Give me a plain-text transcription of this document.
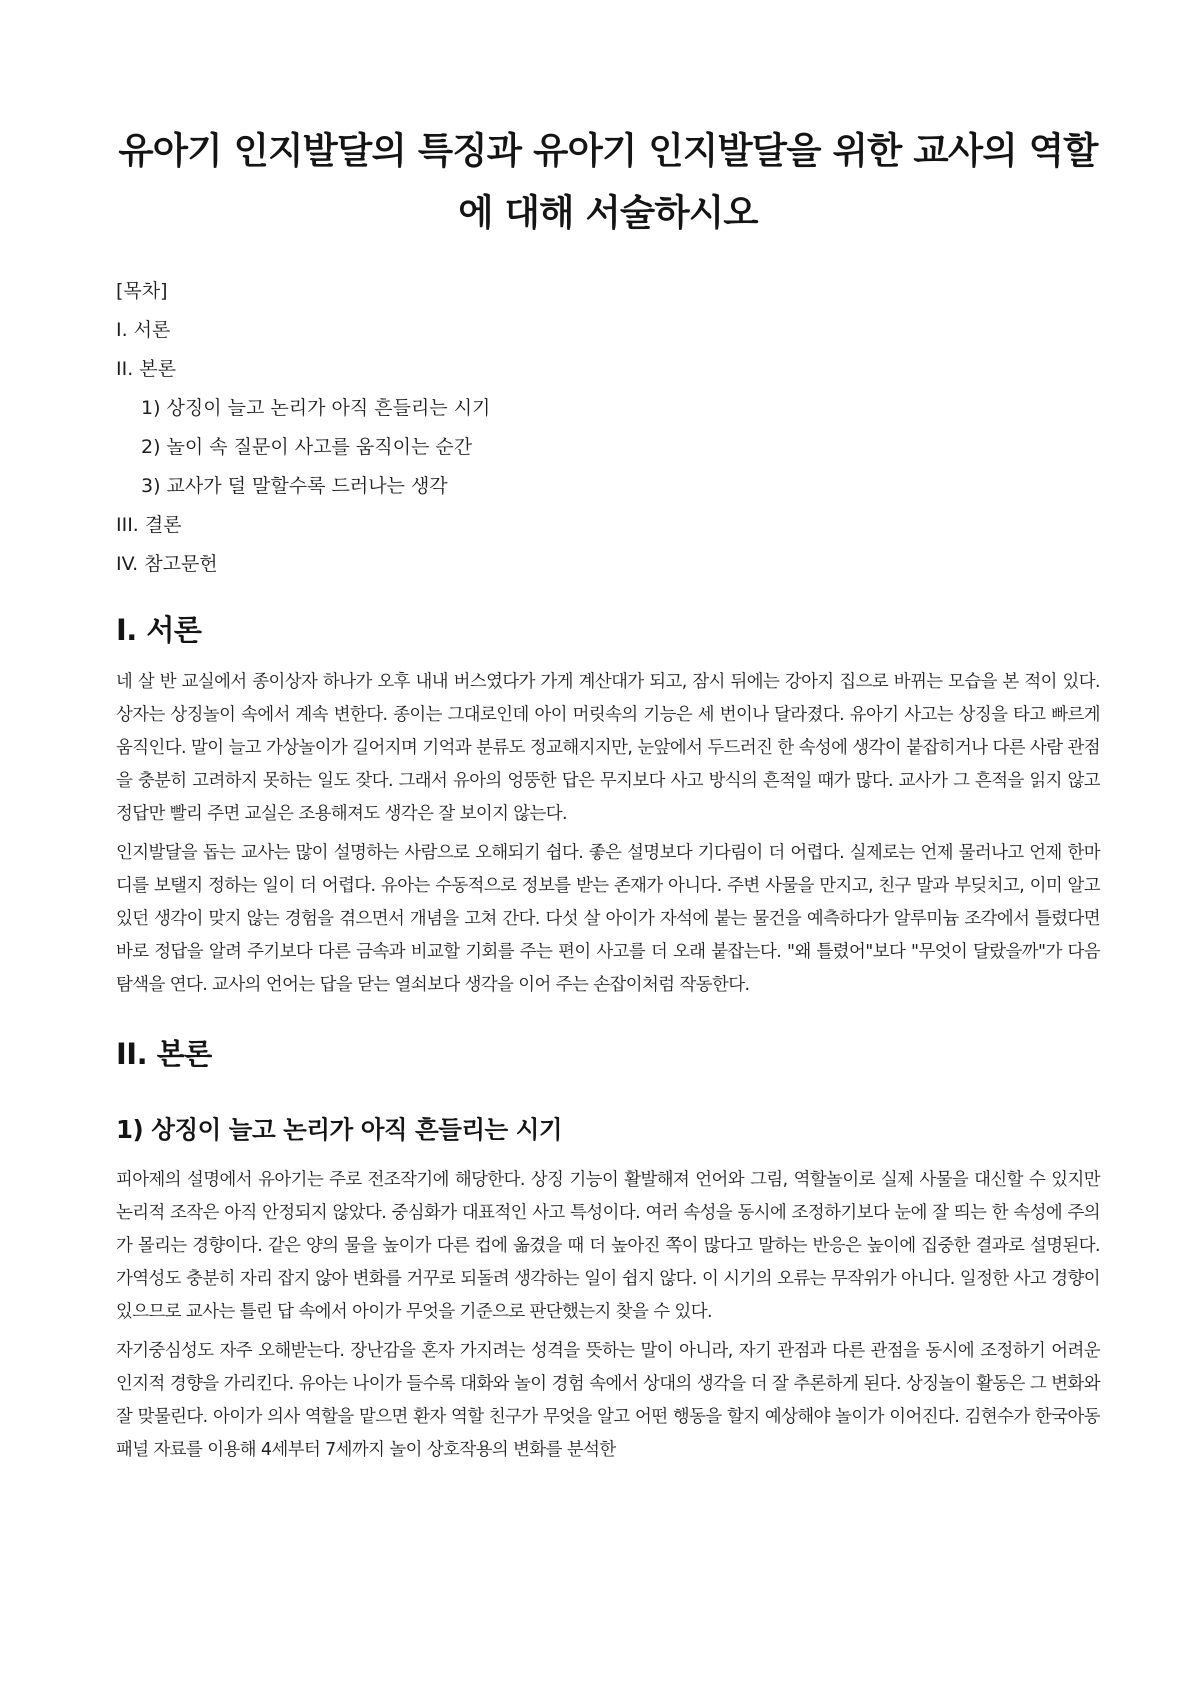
유아기 인지발달의 특징과 유아기 인지발달을 위한 교사의 역할에 대해 서술하시오
[목차]
I. 서론
II. 본론
1) 상징이 늘고 논리가 아직 흔들리는 시기
2) 놀이 속 질문이 사고를 움직이는 순간
3) 교사가 덜 말할수록 드러나는 생각
III. 결론
IV. 참고문헌
I. 서론

네 살 반 교실에서 종이상자 하나가 오후 내내 버스였다가 가게 계산대가 되고, 잠시 뒤에는 강아지 집으로 바뀌는 모습을 본 적이 있다. 상자는 상징놀이 속에서 계속 변한다. 종이는 그대로인데 아이 머릿속의 기능은 세 번이나 달라졌다. 유아기 사고는 상징을 타고 빠르게 움직인다. 말이 늘고 가상놀이가 길어지며 기억과 분류도 정교해지지만, 눈앞에서 두드러진 한 속성에 생각이 붙잡히거나 다른 사람 관점을 충분히 고려하지 못하는 일도 잦다. 그래서 유아의 엉뚱한 답은 무지보다 사고 방식의 흔적일 때가 많다. 교사가 그 흔적을 읽지 않고 정답만 빨리 주면 교실은 조용해져도 생각은 잘 보이지 않는다.

인지발달을 돕는 교사는 많이 설명하는 사람으로 오해되기 쉽다. 좋은 설명보다 기다림이 더 어렵다. 실제로는 언제 물러나고 언제 한마디를 보탤지 정하는 일이 더 어렵다. 유아는 수동적으로 정보를 받는 존재가 아니다. 주변 사물을 만지고, 친구 말과 부딪치고, 이미 알고 있던 생각이 맞지 않는 경험을 겪으면서 개념을 고쳐 간다. 다섯 살 아이가 자석에 붙는 물건을 예측하다가 알루미늄 조각에서 틀렸다면 바로 정답을 알려 주기보다 다른 금속과 비교할 기회를 주는 편이 사고를 더 오래 붙잡는다. "왜 틀렸어"보다 "무엇이 달랐을까"가 다음 탐색을 연다. 교사의 언어는 답을 닫는 열쇠보다 생각을 이어 주는 손잡이처럼 작동한다.

II. 본론
1) 상징이 늘고 논리가 아직 흔들리는 시기

피아제의 설명에서 유아기는 주로 전조작기에 해당한다. 상징 기능이 활발해져 언어와 그림, 역할놀이로 실제 사물을 대신할 수 있지만 논리적 조작은 아직 안정되지 않았다. 중심화가 대표적인 사고 특성이다. 여러 속성을 동시에 조정하기보다 눈에 잘 띄는 한 속성에 주의가 몰리는 경향이다. 같은 양의 물을 높이가 다른 컵에 옮겼을 때 더 높아진 쪽이 많다고 말하는 반응은 높이에 집중한 결과로 설명된다. 가역성도 충분히 자리 잡지 않아 변화를 거꾸로 되돌려 생각하는 일이 쉽지 않다. 이 시기의 오류는 무작위가 아니다. 일정한 사고 경향이 있으므로 교사는 틀린 답 속에서 아이가 무엇을 기준으로 판단했는지 찾을 수 있다.

자기중심성도 자주 오해받는다. 장난감을 혼자 가지려는 성격을 뜻하는 말이 아니라, 자기 관점과 다른 관점을 동시에 조정하기 어려운 인지적 경향을 가리킨다. 유아는 나이가 들수록 대화와 놀이 경험 속에서 상대의 생각을 더 잘 추론하게 된다. 상징놀이 활동은 그 변화와 잘 맞물린다. 아이가 의사 역할을 맡으면 환자 역할 친구가 무엇을 알고 어떤 행동을 할지 예상해야 놀이가 이어진다. 김현수가 한국아동패널 자료를 이용해 4세부터 7세까지 놀이 상호작용의 변화를 분석한
